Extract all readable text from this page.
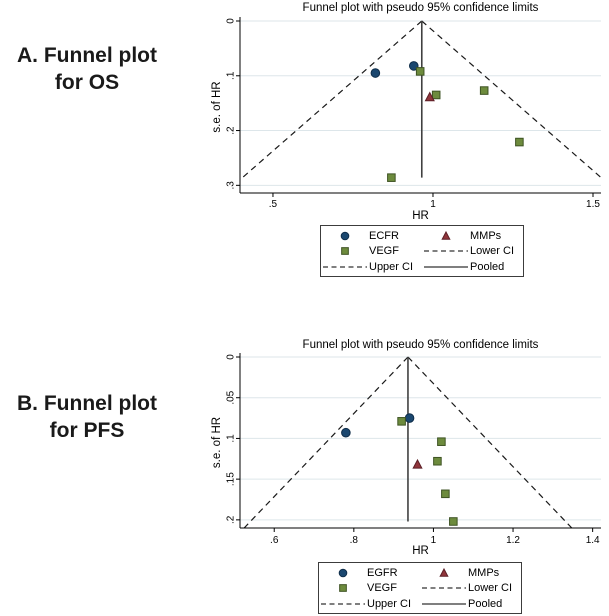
A. Funnel plot
for OS
.5	1	1.5
0
.1
.2
.3
Funnel plot with pseudo 95% confidence limits
HR
s.e. of HR
ECFR	MMPs
VEGF	Lower CI
Upper CI	Pooled
B. Funnel plot
for PFS
.6	.8	1	1.2	1.4
0
.05
.1
.15
.2
Funnel plot with pseudo 95% confidence limits
HR
s.e. of HR
EGFR	MMPs
VEGF	Lower CI
Upper CI	Pooled
